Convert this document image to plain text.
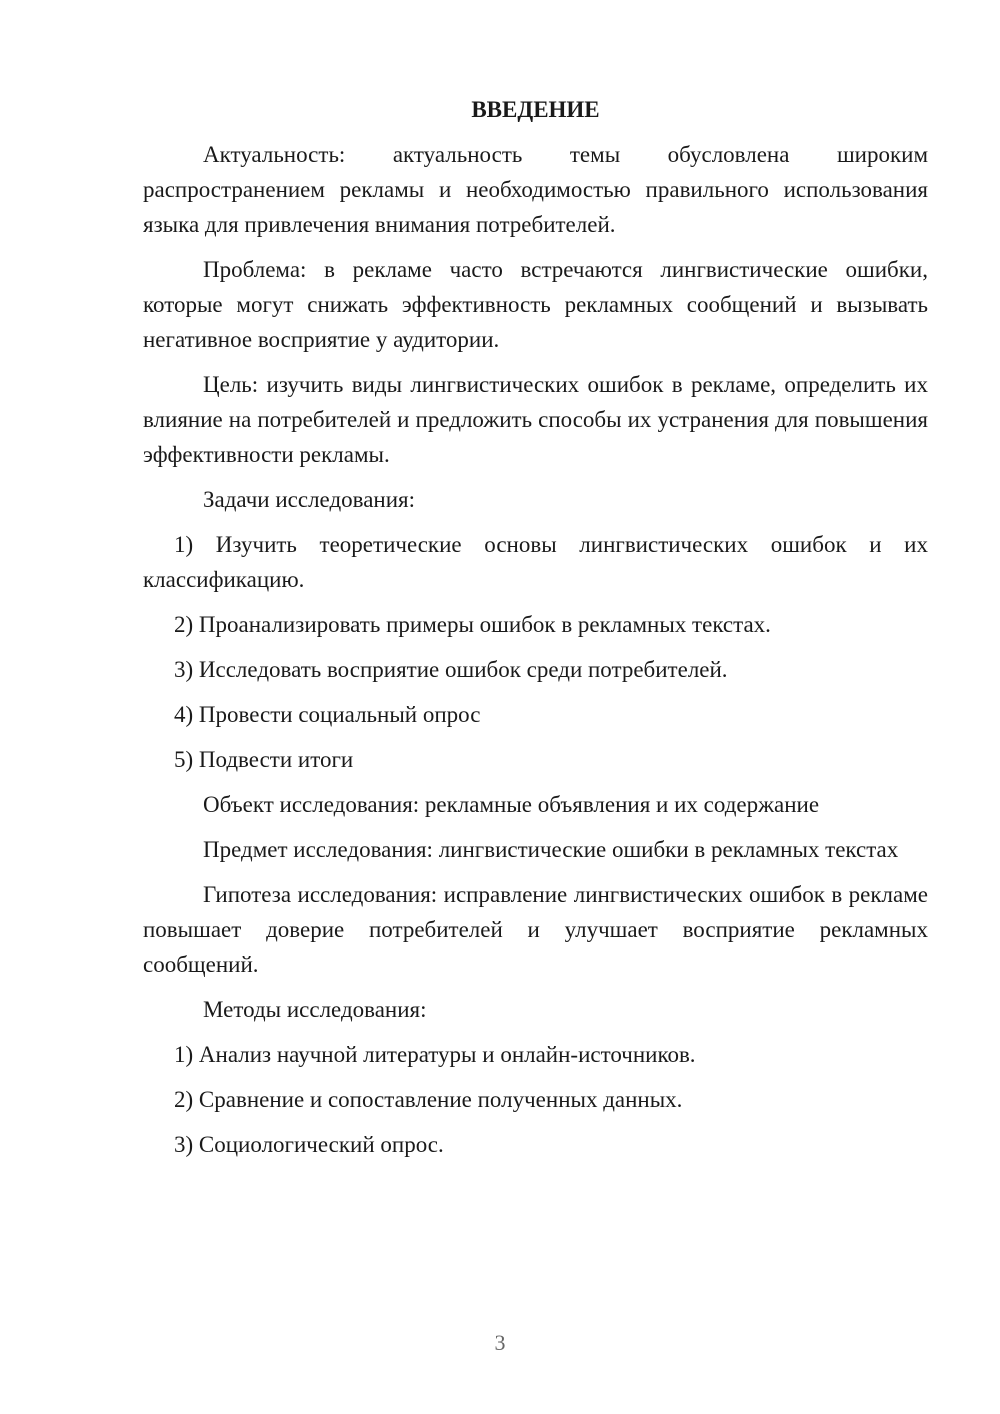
ВВЕДЕНИЕ

Актуальность: актуальность темы обусловлена широким распространением рекламы и необходимостью правильного использования языка для привлечения внимания потребителей.

Проблема: в рекламе часто встречаются лингвистические ошибки, которые могут снижать эффективность рекламных сообщений и вызывать негативное восприятие у аудитории.

Цель: изучить виды лингвистических ошибок в рекламе, определить их влияние на потребителей и предложить способы их устранения для повышения эффективности рекламы.

Задачи исследования:

1) Изучить теоретические основы лингвистических ошибок и их классификацию.

2) Проанализировать примеры ошибок в рекламных текстах.

3) Исследовать восприятие ошибок среди потребителей.

4) Провести социальный опрос

5) Подвести итоги

Объект исследования: рекламные объявления и их содержание

Предмет исследования: лингвистические ошибки в рекламных текстах

Гипотеза исследования: исправление лингвистических ошибок в рекламе повышает доверие потребителей и улучшает восприятие рекламных сообщений.

Методы исследования:

1) Анализ научной литературы и онлайн-источников.

2) Сравнение и сопоставление полученных данных.

3) Социологический опрос.

3
